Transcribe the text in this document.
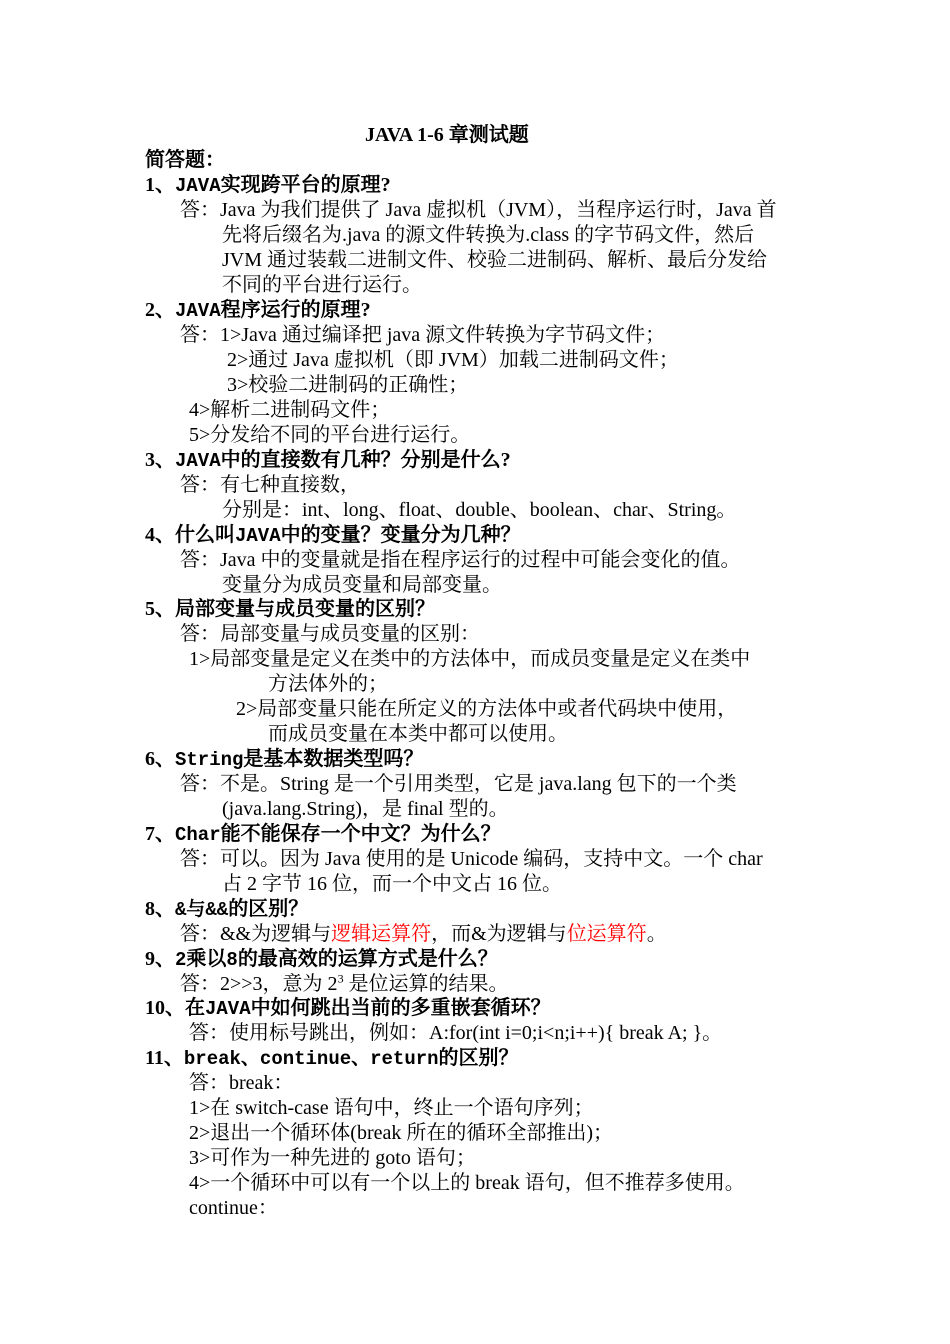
JAVA 1-6 章测试题
简答题：
1、JAVA实现跨平台的原理?
答：Java 为我们提供了 Java 虚拟机（JVM），当程序运行时，Java 首
先将后缀名为.java 的源文件转换为.class 的字节码文件，然后
JVM 通过装载二进制文件、校验二进制码、解析、最后分发给
不同的平台进行运行。
2、JAVA程序运行的原理?
答：1>Java 通过编译把 java 源文件转换为字节码文件；
2>通过 Java 虚拟机（即 JVM）加载二进制码文件；
3>校验二进制码的正确性；
4>解析二进制码文件；
5>分发给不同的平台进行运行。
3、JAVA中的直接数有几种？分别是什么?
答：有七种直接数，
分别是：int、long、float、double、boolean、char、String。
4、什么叫JAVA中的变量？变量分为几种？
答：Java 中的变量就是指在程序运行的过程中可能会变化的值。
变量分为成员变量和局部变量。
5、局部变量与成员变量的区别？
答：局部变量与成员变量的区别：
1>局部变量是定义在类中的方法体中，而成员变量是定义在类中
方法体外的；
2>局部变量只能在所定义的方法体中或者代码块中使用，
而成员变量在本类中都可以使用。
6、String是基本数据类型吗？
答：不是。String 是一个引用类型，它是 java.lang 包下的一个类
(java.lang.String)，是 final 型的。
7、Char能不能保存一个中文？为什么？
答：可以。因为 Java 使用的是 Unicode 编码，支持中文。一个 char
占 2 字节 16 位，而一个中文占 16 位。
8、&与&&的区别？
答：&&为逻辑与逻辑运算符，而&为逻辑与位运算符。
9、2乘以8的最高效的运算方式是什么？
答：2>>3，意为 $2^3$ 是位运算的结果。
10、在JAVA中如何跳出当前的多重嵌套循环？
答：使用标号跳出，例如：A:for(int i=0;i<n;i++){ break A; }。
11、break、continue、return的区别？
答：break：
1>在 switch-case 语句中，终止一个语句序列；
2>退出一个循环体(break 所在的循环全部推出)；
3>可作为一种先进的 goto 语句；
4>一个循环中可以有一个以上的 break 语句，但不推荐多使用。
continue：
